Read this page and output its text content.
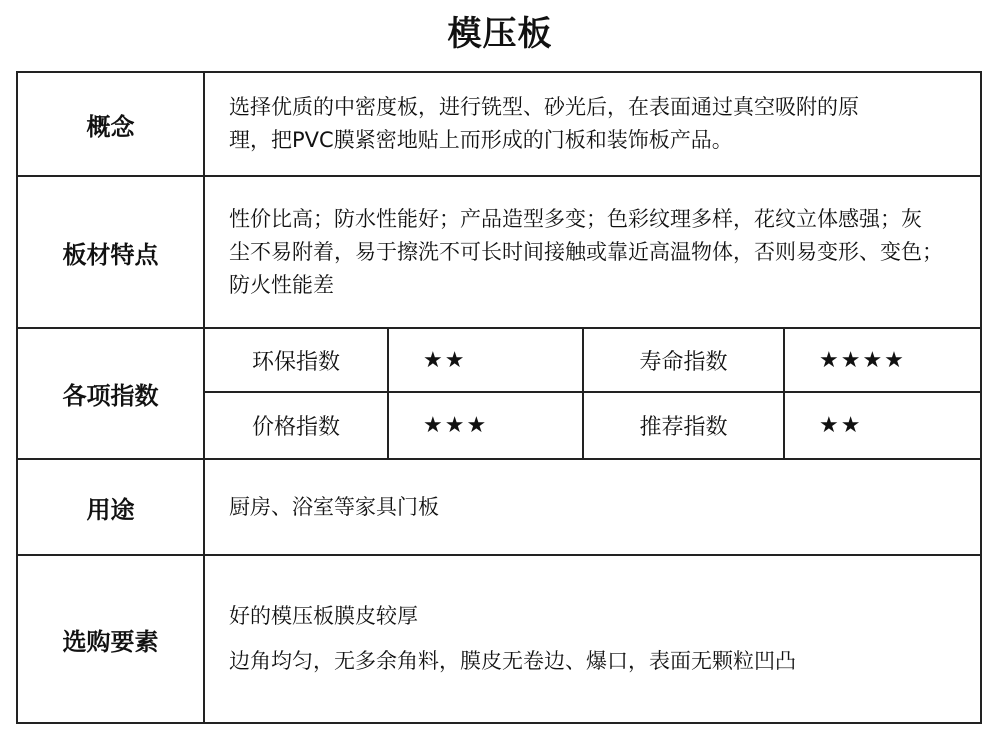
模压板
概念	选择优质的中密度板，进行铣型、砂光后，在表面通过真空吸附的原
理，把PVC膜紧密地贴上而形成的门板和装饰板产品。			

板材特点	性价比高；防水性能好；产品造型多变；色彩纹理多样，花纹立体感强；灰
尘不易附着，易于擦洗不可长时间接触或靠近高温物体，否则易变形、变色；
防火性能差			

各项指数	环保指数	★★	寿命指数	★★★★
	价格指数	★★★	推荐指数	★★
用途	厨房、浴室等家具门板			

选购要素	好的模压板膜皮较厚
边角均匀，无多余角料，膜皮无卷边、爆口，表面无颗粒凹凸			
